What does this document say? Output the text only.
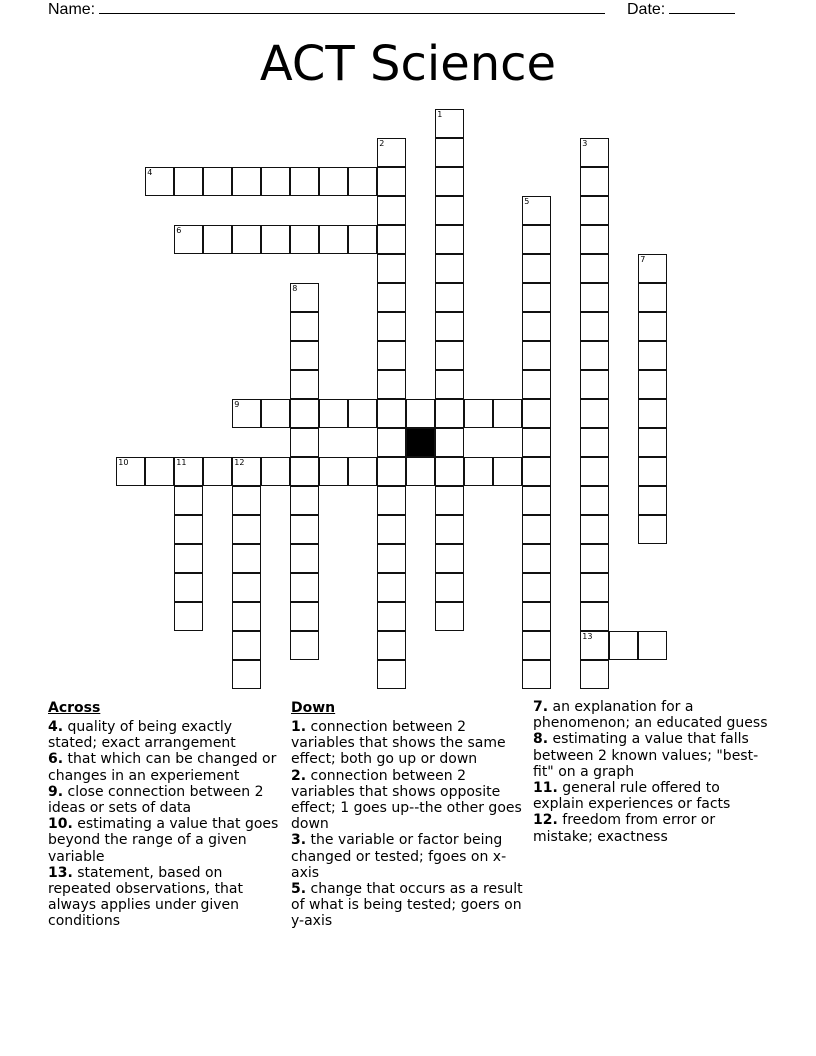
Name:	Date:
ACT Science
1
2	3
13
4
5
6
7
8
9
10	11	12
Across
4. quality of being exactly stated; exact arrangement
6. that which can be changed or changes in an experiement
9. close connection between 2 ideas or sets of data
10. estimating a value that goes beyond the range of a given variable
13. statement, based on repeated observations, that always applies under given conditions
Down
1. connection between 2 variables that shows the same effect; both go up or down
2. connection between 2 variables that shows opposite effect; 1 goes up--the other goes down
3. the variable or factor being changed or tested; fgoes on x-axis
5. change that occurs as a result of what is being tested; goers on y-axis
7. an explanation for a phenomenon; an educated guess
8. estimating a value that falls between 2 known values; "best-fit" on a graph
11. general rule offered to explain experiences or facts
12. freedom from error or mistake; exactness
